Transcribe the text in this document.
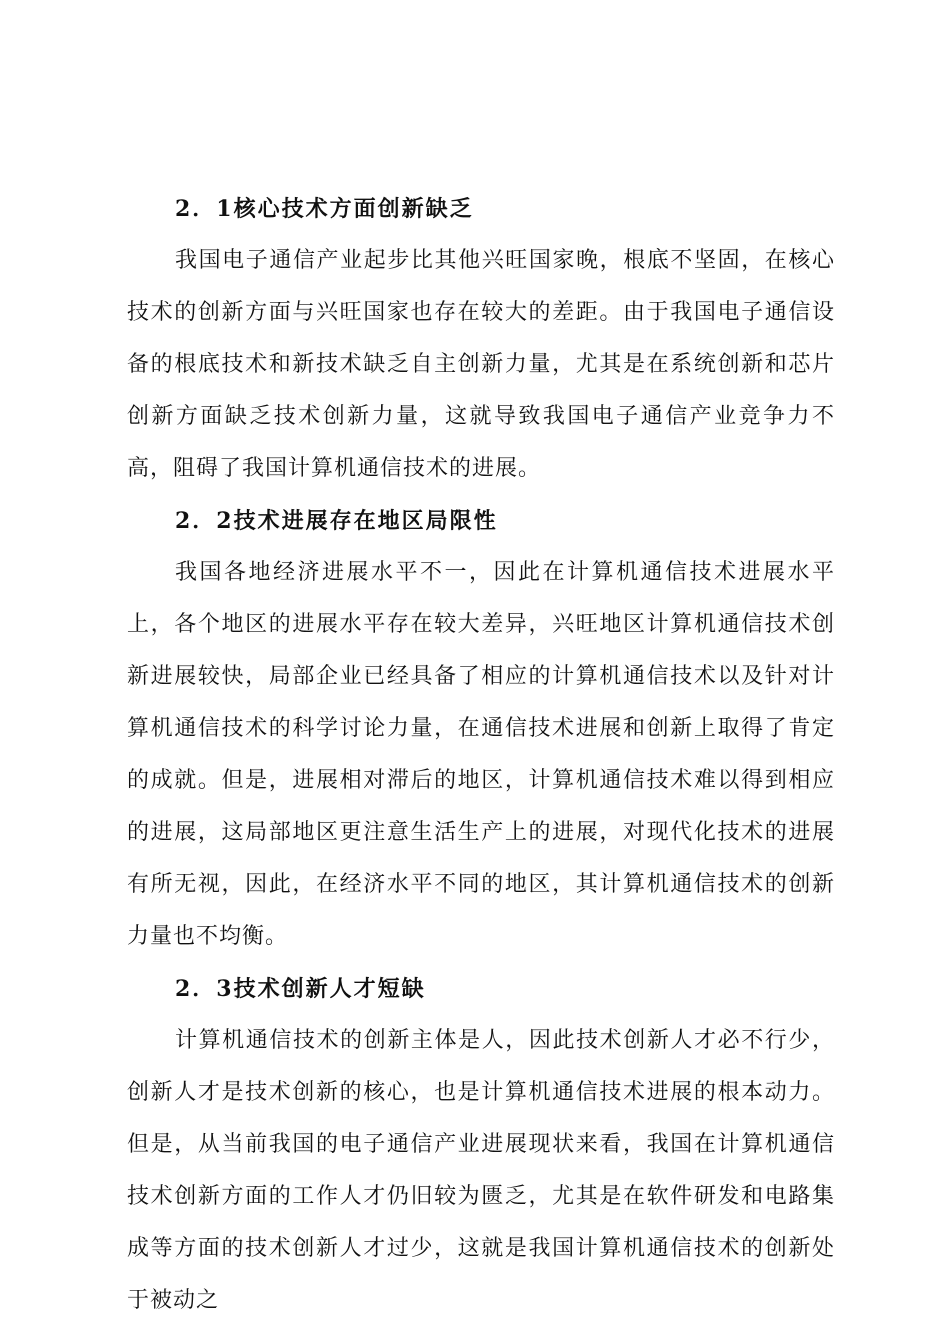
2．1核心技术方面创新缺乏

我国电子通信产业起步比其他兴旺国家晚，根底不坚固，在核心技术的创新方面与兴旺国家也存在较大的差距。由于我国电子通信设备的根底技术和新技术缺乏自主创新力量，尤其是在系统创新和芯片创新方面缺乏技术创新力量，这就导致我国电子通信产业竞争力不高，阻碍了我国计算机通信技术的进展。

2．2技术进展存在地区局限性

我国各地经济进展水平不一，因此在计算机通信技术进展水平上，各个地区的进展水平存在较大差异，兴旺地区计算机通信技术创新进展较快，局部企业已经具备了相应的计算机通信技术以及针对计算机通信技术的科学讨论力量，在通信技术进展和创新上取得了肯定的成就。但是，进展相对滞后的地区，计算机通信技术难以得到相应的进展，这局部地区更注意生活生产上的进展，对现代化技术的进展有所无视，因此，在经济水平不同的地区，其计算机通信技术的创新力量也不均衡。

2．3技术创新人才短缺

计算机通信技术的创新主体是人，因此技术创新人才必不行少，创新人才是技术创新的核心，也是计算机通信技术进展的根本动力。但是，从当前我国的电子通信产业进展现状来看，我国在计算机通信技术创新方面的工作人才仍旧较为匮乏，尤其是在软件研发和电路集成等方面的技术创新人才过少，这就是我国计算机通信技术的创新处于被动之
